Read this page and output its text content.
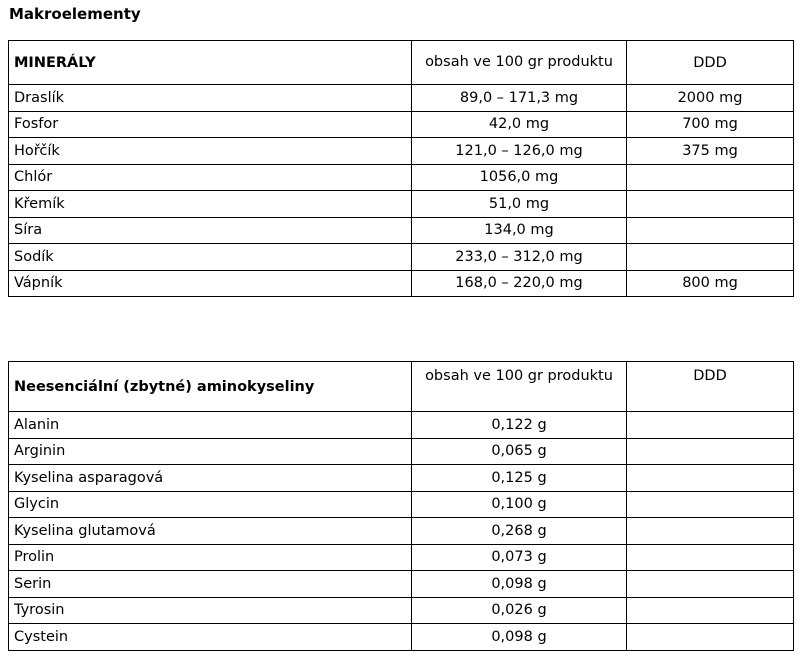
Makroelementy
MINERÁLY	obsah ve 100 gr produktu	DDD
Draslík	89,0 – 171,3 mg	2000 mg
Fosfor	42,0 mg	700 mg
Hořčík	121,0 – 126,0 mg	375 mg
Chlór	1056,0 mg	
Křemík	51,0 mg	
Síra	134,0 mg	
Sodík	233,0 – 312,0 mg	
Vápník	168,0 – 220,0 mg	800 mg
Neesenciální (zbytné) aminokyseliny	obsah ve 100 gr produktu	DDD
Alanin	0,122 g	
Arginin	0,065 g	
Kyselina asparagová	0,125 g	
Glycin	0,100 g	
Kyselina glutamová	0,268 g	
Prolin	0,073 g	
Serin	0,098 g	
Tyrosin	0,026 g	
Cystein	0,098 g	
